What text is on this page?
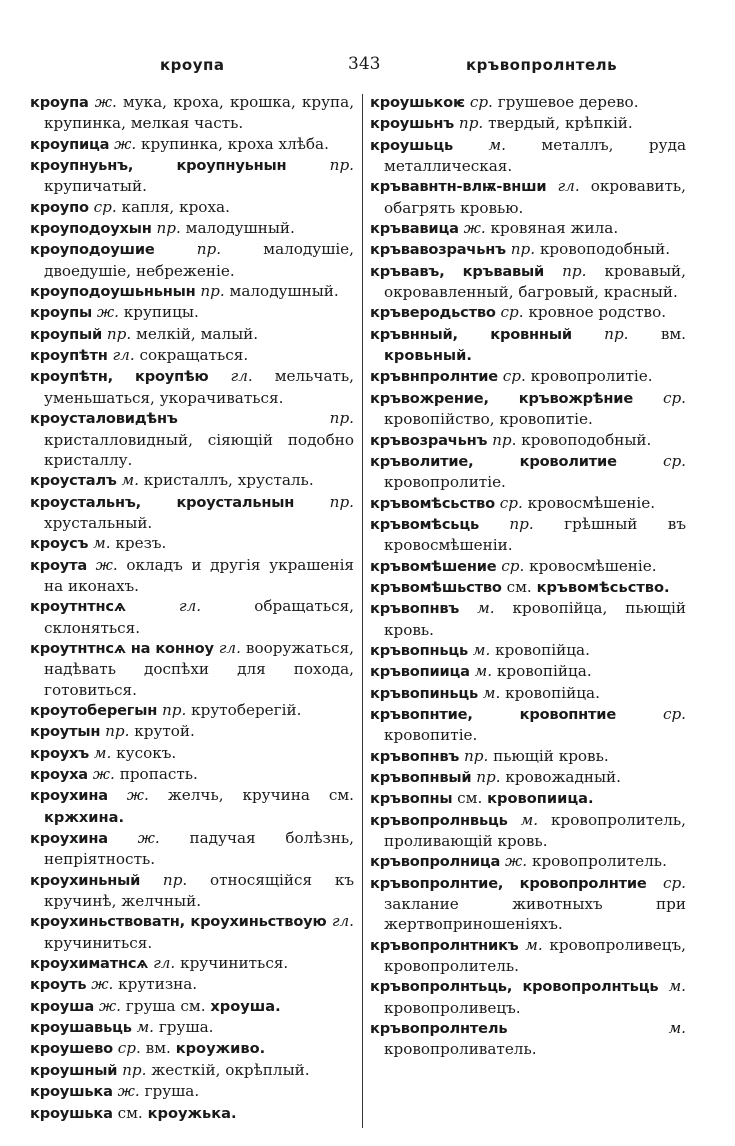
кроупа	343	кръвопролнтель

кроупа ж. мука, кроха, крошка, крупа, крупинка, мелкая часть.

кроупица ж. крупинка, кроха хлѣба.

кроупнуьнъ, кроупнуьнын	пр. крупичатый.

кроупо ср. капля, кроха.

кроуподоухын пр. малодушный.

кроуподоушие	пр.	малодушіе, двоедушіе, небреженіе.

кроуподоушьньнын пр. малодушный.

кроупы ж. крупицы.

кроупый пр. мелкій, малый.

кроупѣтн гл. сокращаться.

кроупѣтн, кроупѣю гл. мельчать, уменьшаться, укорачиваться.

кроусталовидѣнъ	пр. кристалловидный, сіяющій подобно кристаллу.

кроусталъ м. кристаллъ, хрусталь.

кроустальнъ, кроустальнын пр. хрустальный.

кроусъ м. крезъ.

кроута ж. окладъ и другія украшенія на иконахъ.

кроутнтнсѧ	гл.	обращаться, склоняться.

кроутнтнсѧ на конноу гл. вооружаться, надѣвать доспѣхи для похода, готовиться.

кроутоберегын пр. крутоберегій.

кроутын пр. крутой.

кроухъ м. кусокъ.

кроуха ж. пропасть.

кроухина ж. желчь, кручина см. кржхина.

кроухина ж. падучая болѣзнь, непріятность.

кроухиньный пр. относящійся къ кручинѣ, желчный.

кроухиньствоватн, кроухиньствоую гл. кручиниться.

кроухиматнсѧ гл. кручиниться.

кроуть ж. крутизна.

кроуша ж. груша см. хроуша.

кроушавьць м. груша.

кроушево ср. вм. кроуживо.

кроушный пр. жесткій, окрѣплый.

кроушька ж. груша.

кроушька см. кроужька.

кроушькоѥ ср. грушевое дерево.

кроушьнъ пр. твердый, крѣпкій.

кроушьць м. металлъ, руда металлическая.

кръвавнтн-влѭ-внши гл. окровавить, обагрять кровью.

кръвавица ж. кровяная жила.

кръвавозрачьнъ пр. кровоподобный.

кръвавъ, кръвавый пр. кровавый, окровавленный, багровый, красный.

кръверодьство ср. кровное родство.

кръвнный, кровнный пр. вм. кровьный.

кръвнпролнтие ср. кровопролитіе.

кръвожрение, кръвожрѣние ср. кровопійство, кровопитіе.

кръвозрачьнъ пр. кровоподобный.

кръволитие, кроволитие	ср. кровопролитіе.

кръвомѣсьство ср. кровосмѣшеніе.

кръвомѣсьць пр. грѣшный въ кровосмѣшеніи.

кръвомѣшение ср. кровосмѣшеніе.

кръвомѣшьство см. кръвомѣсьство.

кръвопнвъ м. кровопійца, пьющій кровь.

кръвопньць м. кровопійца.

кръвопиица м. кровопійца.

кръвопиньць м. кровопійца.

кръвопнтие, кровопнтие	ср. кровопитіе.

кръвопнвъ пр. пьющій кровь.

кръвопнвый пр. кровожадный.

кръвопны см. кровопиица.

кръвопролнвьць м. кровопролитель, проливающій кровь.

кръвопролница ж. кровопролитель.

кръвопролнтие, кровопролнтие ср. заклание животныхъ при жертвоприношеніяхъ.

кръвопролнтникъ м. кровопроливецъ, кровопролитель.

кръвопролнтьць, кровопролнтьць м. кровопроливецъ.

кръвопролнтель	м. кровопроливатель.
